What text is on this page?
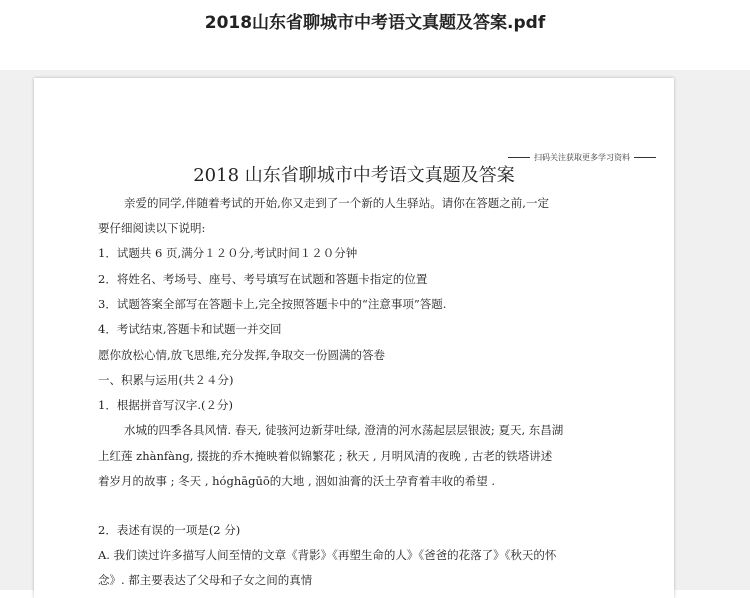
2018山东省聊城市中考语文真题及答案.pdf
扫码关注获取更多学习资料
2018 山东省聊城市中考语文真题及答案
亲爱的同学,伴随着考试的开始,你又走到了一个新的人生驿站。请你在答题之前,一定
要仔细阅读以下说明:
1．试题共 6 页,满分１２０分,考试时间１２０分钟
2．将姓名、考场号、座号、考号填写在试题和答题卡指定的位置
3．试题答案全部写在答题卡上,完全按照答题卡中的“注意事项”答题.
4．考试结束,答题卡和试题一并交回
愿你放松心情,放飞思维,充分发挥,争取交一份圆满的答卷
一、积累与运用(共２４分)
1．根据拼音写汉字.(２分)
水城的四季各具风情. 春天, 徒骇河边新芽吐绿, 澄清的河水荡起层层银波; 夏天, 东昌湖
上红莲 zhànfàng, 掇拢的乔木掩映着似锦繁花 ; 秋天 , 月明风清的夜晚 , 古老的铁塔讲述
着岁月的故事 ; 冬天 , hóghāgūō的大地 , 洇如油膏的沃土孕育着丰收的希望 .
2．表述有误的一项是(2 分)
A. 我们读过许多描写人间至情的文章《背影》《再塑生命的人》《爸爸的花落了》《秋天的怀
念》. 都主要表达了父母和子女之间的真情
